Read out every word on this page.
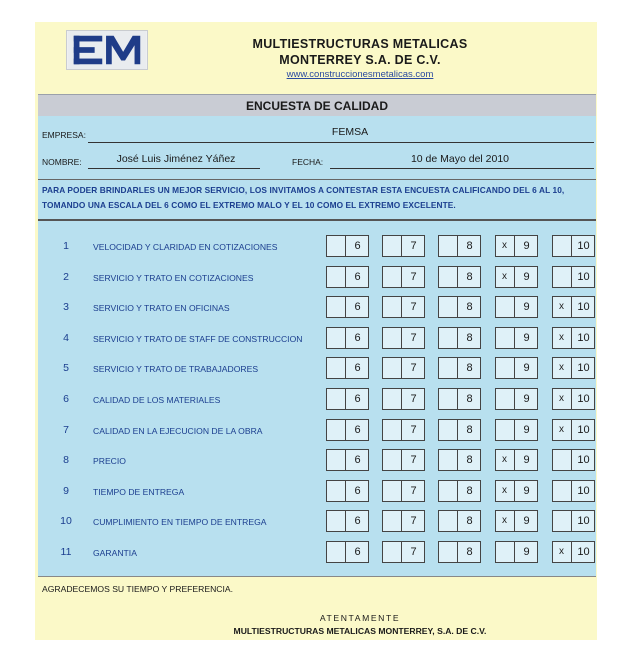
MULTIESTRUCTURAS METALICAS
MONTERREY S.A. DE C.V.
www.construccionesmetalicas.com
ENCUESTA DE CALIDAD
EMPRESA:	FEMSA
NOMBRE:	José Luis Jiménez Yáñez	FECHA:	10 de Mayo del 2010
PARA PODER BRINDARLES UN MEJOR SERVICIO, LOS INVITAMOS A CONTESTAR ESTA ENCUESTA CALIFICANDO DEL 6 AL 10,
TOMANDO UNA ESCALA DEL 6 COMO EL EXTREMO MALO Y EL 10 COMO EL EXTREMO EXCELENTE.
1	VELOCIDAD Y CLARIDAD EN COTIZACIONES	6	7	8	x	9	10
2	SERVICIO Y TRATO EN COTIZACIONES	6	7	8	x	9	10
3	SERVICIO Y TRATO EN OFICINAS	6	7	8	9	x	10
4	SERVICIO Y TRATO DE STAFF DE CONSTRUCCION	6	7	8	9	x	10
5	SERVICIO Y TRATO DE TRABAJADORES	6	7	8	9	x	10
6	CALIDAD DE LOS MATERIALES	6	7	8	9	x	10
7	CALIDAD EN LA EJECUCION DE LA OBRA	6	7	8	9	x	10
8	PRECIO	6	7	8	x	9	10
9	TIEMPO DE ENTREGA	6	7	8	x	9	10
10	CUMPLIMIENTO EN TIEMPO DE ENTREGA	6	7	8	x	9	10
11	GARANTIA	6	7	8	9	x	10
AGRADECEMOS SU TIEMPO Y PREFERENCIA.
ATENTAMENTE
MULTIESTRUCTURAS METALICAS MONTERREY, S.A. DE C.V.
